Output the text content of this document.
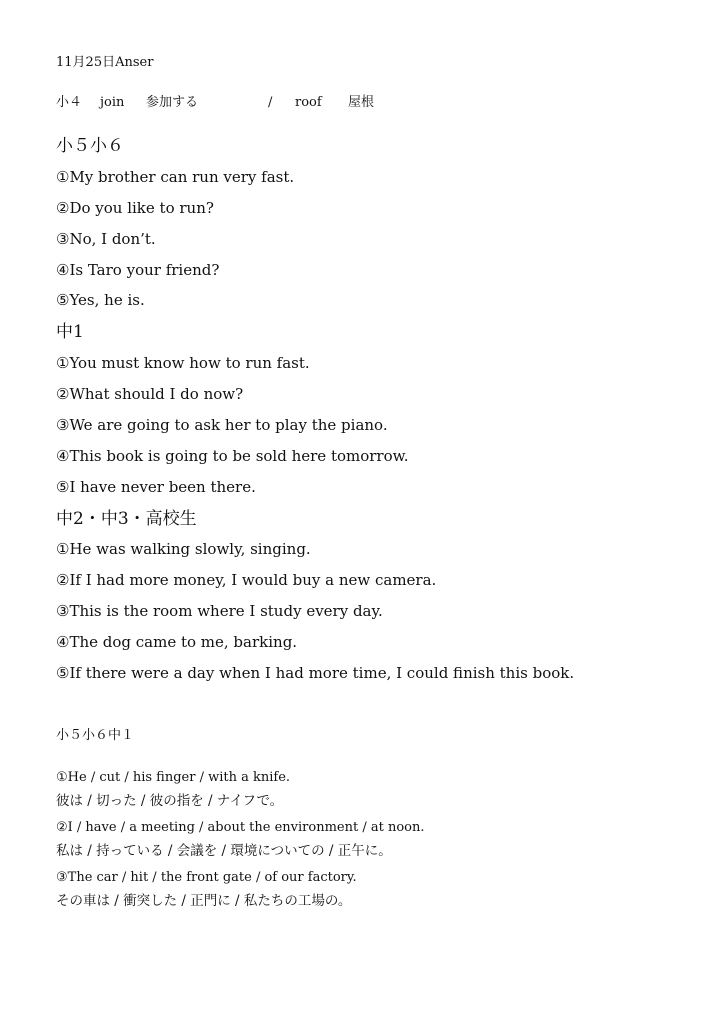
11月25日Anser
小４	join	参加する	/	roof	屋根
小５小６
①My brother can run very fast.
②Do you like to run?
③No, I don’t.
④Is Taro your friend?
⑤Yes, he is.
中1
①You must know how to run fast.
②What should I do now?
③We are going to ask her to play the piano.
④This book is going to be sold here tomorrow.
⑤I have never been there.
中2・中3・高校生
①He was walking slowly, singing.
②If I had more money, I would buy a new camera.
③This is the room where I study every day.
④The dog came to me, barking.
⑤If there were a day when I had more time, I could finish this book.
小５小６中１
①He / cut / his finger / with a knife.
彼は / 切った / 彼の指を / ナイフで。
②I / have / a meeting / about the environment / at noon.
私は / 持っている / 会議を / 環境についての / 正午に。
③The car / hit / the front gate / of our factory.
その車は / 衝突した / 正門に / 私たちの工場の。
